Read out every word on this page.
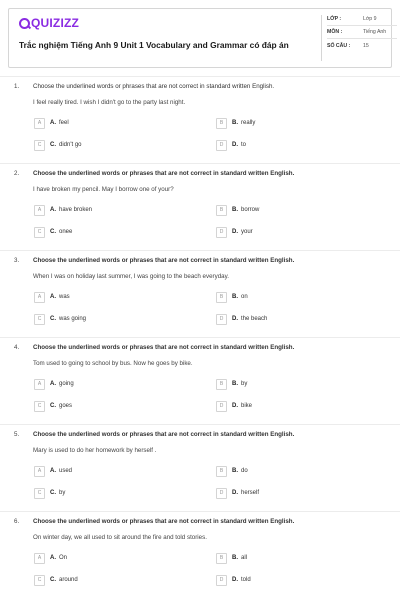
QUIZIZZ
Trắc nghiệm Tiếng Anh 9 Unit 1 Vocabulary and Grammar có đáp án
LỚP :	Lớp 9
MÔN :	Tiếng Anh
SỐ CÂU :	15
1. Choose the underlined words or phrases that are not correct in standard written English.
I feel really tired. I wish I didn't go to the party last night.
A	A. feel	B	B. really
C	C. didn't go	D	D. to
2. Choose the underlined words or phrases that are not correct in standard written English.
I have broken my pencil. May I borrow one of your?
A	A. have broken	B	B. borrow
C	C. onee	D	D. your
3. Choose the underlined words or phrases that are not correct in standard written English.
When I was on holiday last summer, I was going to the beach everyday.
A	A. was	B	B. on
C	C. was going	D	D. the beach
4. Choose the underlined words or phrases that are not correct in standard written English.
Tom used to going to school by bus. Now he goes by bike.
A	A. going	B	B. by
C	C. goes	D	D. bike
5. Choose the underlined words or phrases that are not correct in standard written English.
Mary is used to do her homework by herself .
A	A. used	B	B. do
C	C. by	D	D. herself
6. Choose the underlined words or phrases that are not correct in standard written English.
On winter day, we all used to sit around the fire and told stories.
A	A. On	B	B. all
C	C. around	D	D. told
